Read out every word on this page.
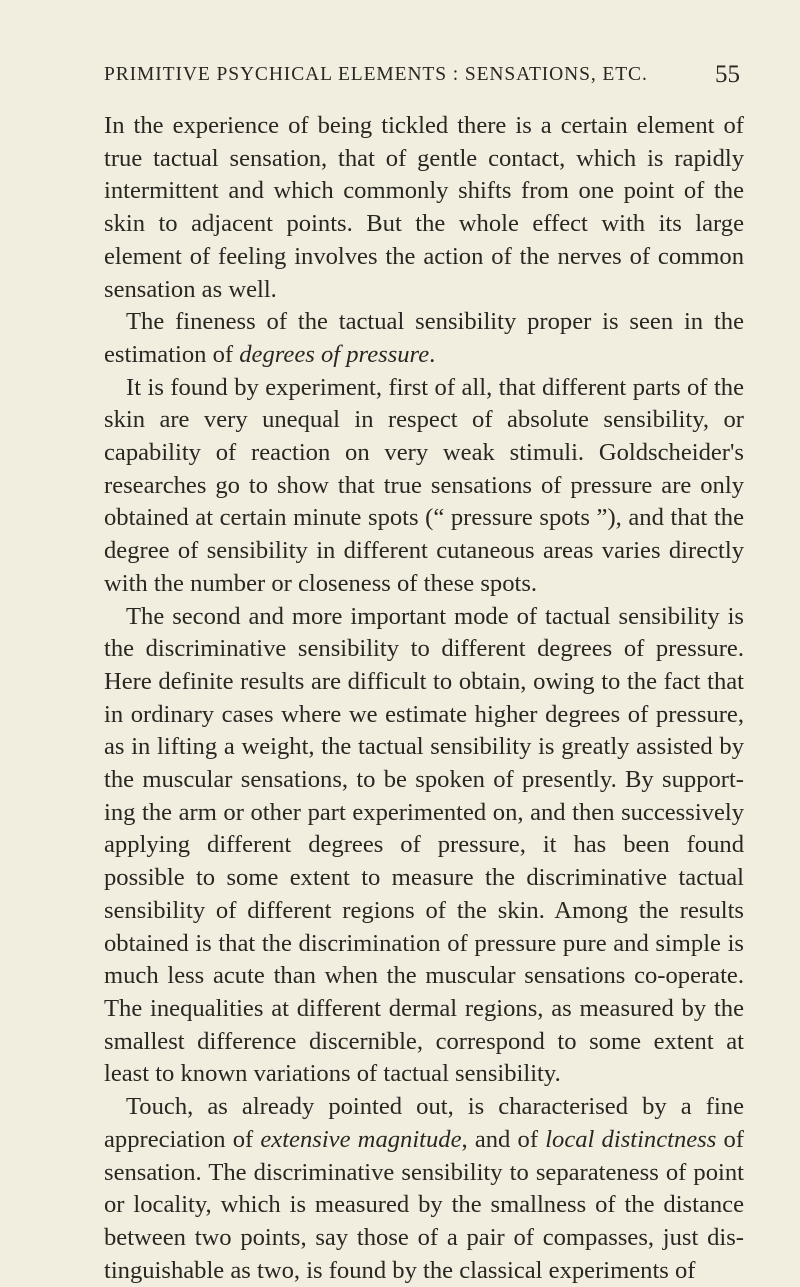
PRIMITIVE PSYCHICAL ELEMENTS : SENSATIONS, ETC.	55

In the experience of being tickled there is a certain element of true tactual sensation, that of gentle contact, which is rapidly intermittent and which commonly shifts from one point of the skin to adjacent points. But the whole effect with its large element of feeling involves the action of the nerves of common sensation as well.

The fineness of the tactual sensibility proper is seen in the estimation of degrees of pressure.

It is found by experiment, first of all, that different parts of the skin are very unequal in respect of absolute sensibility, or capability of reaction on very weak stimuli. Goldscheider's researches go to show that true sensations of pressure are only obtained at certain minute spots (“ pressure spots ”), and that the degree of sensibility in different cutaneous areas varies directly with the number or closeness of these spots.

The second and more important mode of tactual sensibility is the discriminative sensibility to different degrees of pressure. Here definite results are difficult to obtain, owing to the fact that in ordinary cases where we estimate higher degrees of pressure, as in lifting a weight, the tactual sensibility is greatly assisted by the muscular sensations, to be spoken of presently. By support-ing the arm or other part experimented on, and then successively applying different degrees of pressure, it has been found possible to some extent to measure the discriminative tactual sensibility of different regions of the skin. Among the results obtained is that the discrimination of pressure pure and simple is much less acute than when the muscular sensations co-operate. The inequalities at different dermal regions, as measured by the smallest difference discernible, correspond to some extent at least to known variations of tactual sensibility.

Touch, as already pointed out, is characterised by a fine appreciation of extensive magnitude, and of local distinctness of sensation. The discriminative sensibility to separateness of point or locality, which is measured by the smallness of the distance between two points, say those of a pair of compasses, just dis-tinguishable as two, is found by the classical experiments of
